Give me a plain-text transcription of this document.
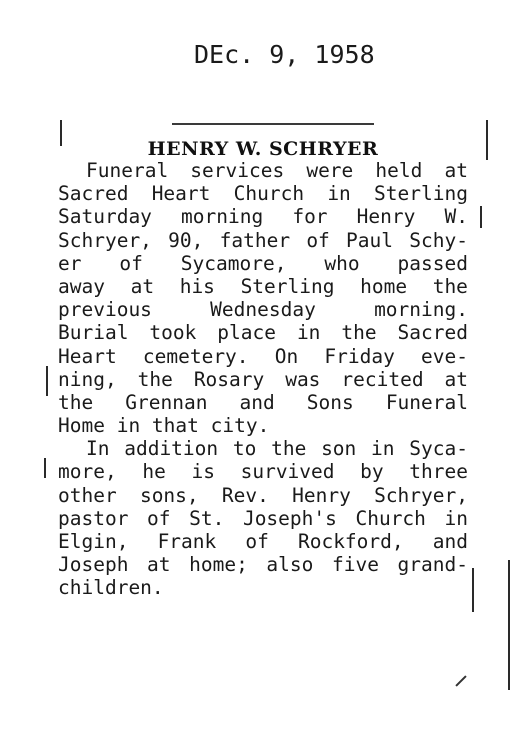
DEc. 9, 1958
HENRY W. SCHRYER
Funeral services were held at
Sacred Heart Church in Sterling
Saturday morning for Henry W.
Schryer, 90, father of Paul Schy-
er of Sycamore, who passed
away at his Sterling home the
previous	Wednesday	morning.
Burial took place in the Sacred
Heart cemetery. On Friday eve-
ning, the Rosary was recited at
the Grennan and Sons Funeral
Home in that city.
In addition to the son in Syca-
more, he is survived by three
other sons, Rev. Henry Schryer,
pastor of St. Joseph's Church in
Elgin, Frank of Rockford, and
Joseph at home; also five grand-
children.
